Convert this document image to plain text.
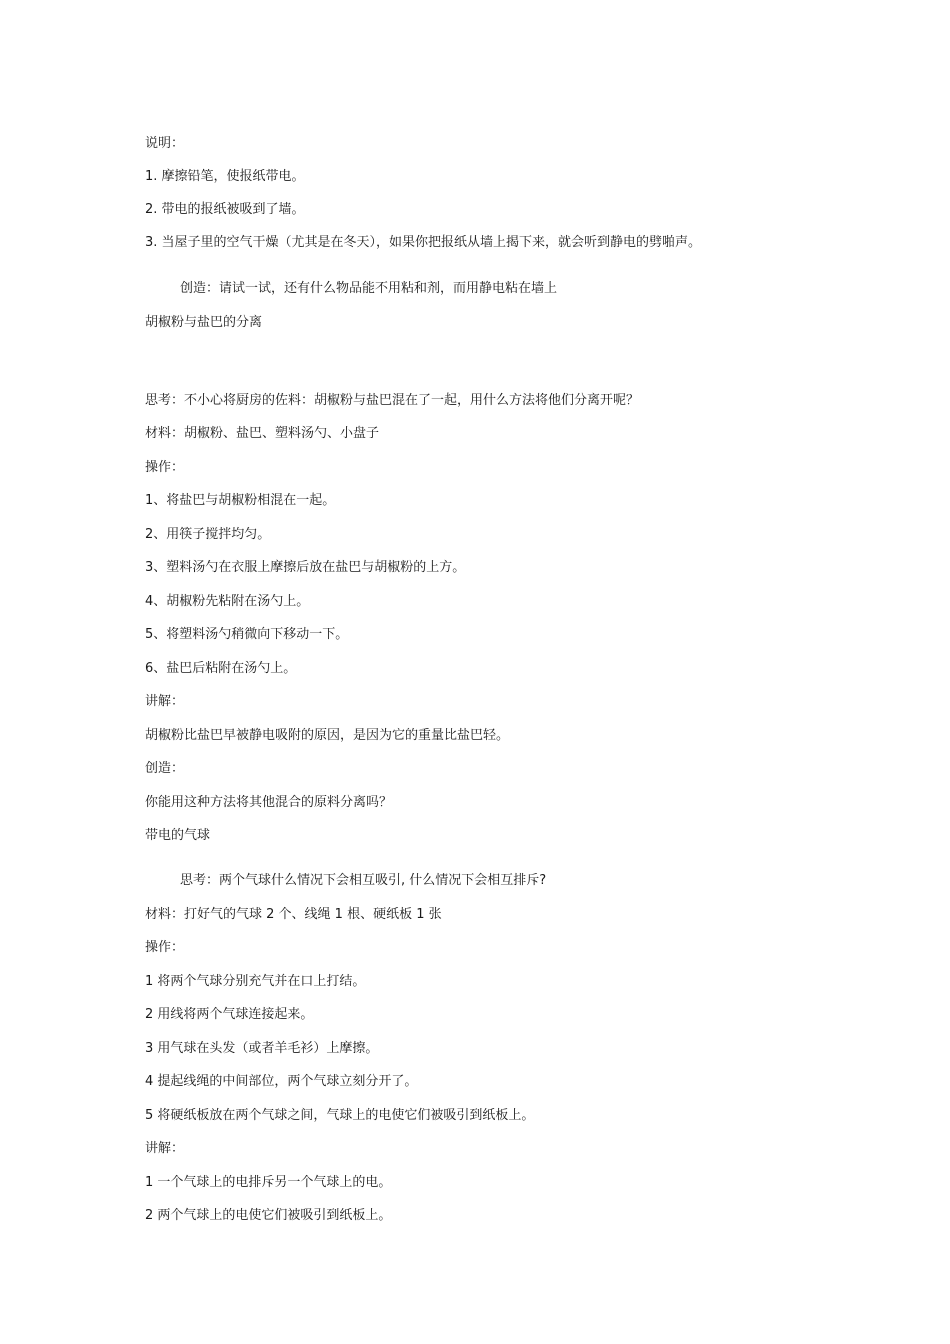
说明：
1. 摩擦铅笔，使报纸带电。
2. 带电的报纸被吸到了墙。
3. 当屋子里的空气干燥（尤其是在冬天），如果你把报纸从墙上揭下来，就会听到静电的劈啪声。
创造：请试一试，还有什么物品能不用粘和剂，而用静电粘在墙上
胡椒粉与盐巴的分离
思考：不小心将厨房的佐料：胡椒粉与盐巴混在了一起，用什么方法将他们分离开呢？
材料：胡椒粉、盐巴、塑料汤勺、小盘子
操作：
1、将盐巴与胡椒粉相混在一起。
2、用筷子搅拌均匀。
3、塑料汤勺在衣服上摩擦后放在盐巴与胡椒粉的上方。
4、胡椒粉先粘附在汤勺上。
5、将塑料汤勺稍微向下移动一下。
6、盐巴后粘附在汤勺上。
讲解：
胡椒粉比盐巴早被静电吸附的原因，是因为它的重量比盐巴轻。
创造：
你能用这种方法将其他混合的原料分离吗？
带电的气球
思考：两个气球什么情况下会相互吸引, 什么情况下会相互排斥?
材料：打好气的气球 2 个、线绳 1 根、硬纸板 1 张
操作：
1 将两个气球分别充气并在口上打结。
2 用线将两个气球连接起来。
3 用气球在头发（或者羊毛衫）上摩擦。
4 提起线绳的中间部位，两个气球立刻分开了。
5 将硬纸板放在两个气球之间，气球上的电使它们被吸引到纸板上。
讲解：
1 一个气球上的电排斥另一个气球上的电。
2 两个气球上的电使它们被吸引到纸板上。
